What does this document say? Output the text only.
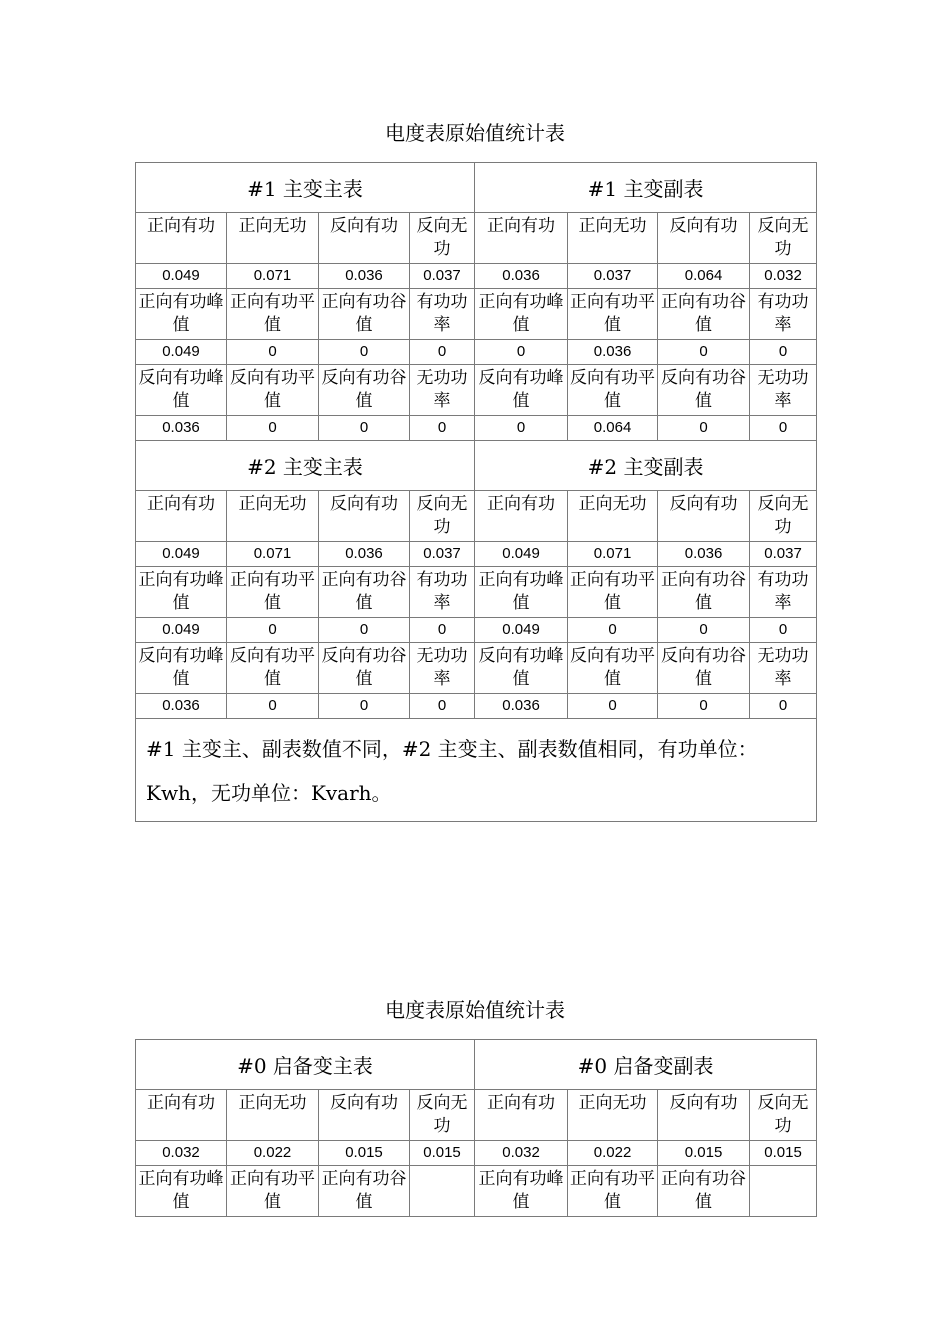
电度表原始值统计表
#1 主变主表				#1 主变副表			
正向有功	正向无功	反向有功	反向无功	正向有功	正向无功	反向有功	反向无功
0.049	0.071	0.036	0.037	0.036	0.037	0.064	0.032
正向有功峰值	正向有功平值	正向有功谷值	有功功率	正向有功峰值	正向有功平值	正向有功谷值	有功功率
0.049	0	0	0	0	0.036	0	0
反向有功峰值	反向有功平值	反向有功谷值	无功功率	反向有功峰值	反向有功平值	反向有功谷值	无功功率
0.036	0	0	0	0	0.064	0	0
#2 主变主表				#2 主变副表			
正向有功	正向无功	反向有功	反向无功	正向有功	正向无功	反向有功	反向无功
0.049	0.071	0.036	0.037	0.049	0.071	0.036	0.037
正向有功峰值	正向有功平值	正向有功谷值	有功功率	正向有功峰值	正向有功平值	正向有功谷值	有功功率
0.049	0	0	0	0.049	0	0	0
反向有功峰值	反向有功平值	反向有功谷值	无功功率	反向有功峰值	反向有功平值	反向有功谷值	无功功率
0.036	0	0	0	0.036	0	0	0
#1 主变主、副表数值不同，#2 主变主、副表数值相同，有功单位：Kwh，无功单位：Kvarh。							
电度表原始值统计表
#0 启备变主表				#0 启备变副表			
正向有功	正向无功	反向有功	反向无功	正向有功	正向无功	反向有功	反向无功
0.032	0.022	0.015	0.015	0.032	0.022	0.015	0.015
正向有功峰值	正向有功平值	正向有功谷值		正向有功峰值	正向有功平值	正向有功谷值	
